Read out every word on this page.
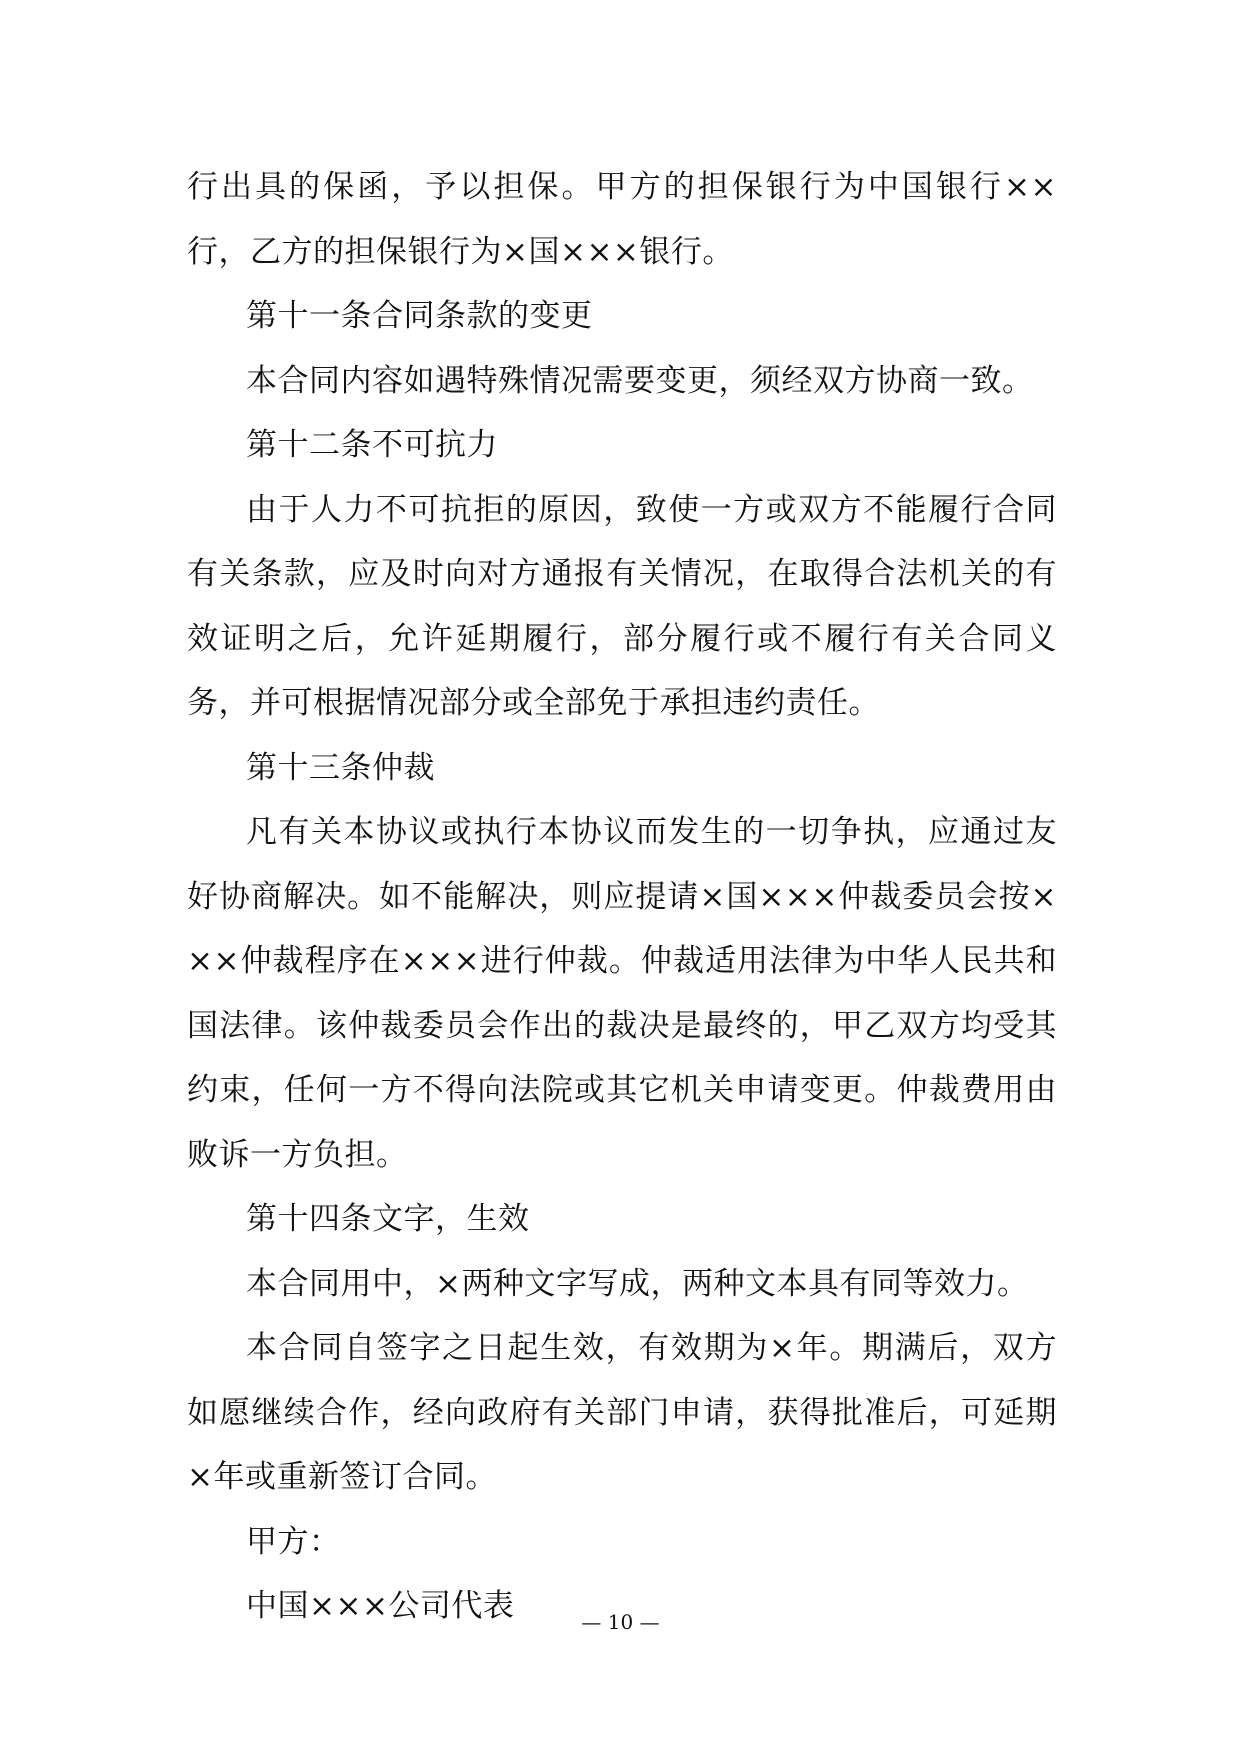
行出具的保函，予以担保。甲方的担保银行为中国银行××行，乙方的担保银行为×国×××银行。

第十一条合同条款的变更

本合同内容如遇特殊情况需要变更，须经双方协商一致。

第十二条不可抗力

由于人力不可抗拒的原因，致使一方或双方不能履行合同有关条款，应及时向对方通报有关情况，在取得合法机关的有效证明之后，允许延期履行，部分履行或不履行有关合同义务，并可根据情况部分或全部免于承担违约责任。

第十三条仲裁

凡有关本协议或执行本协议而发生的一切争执，应通过友好协商解决。如不能解决，则应提请×国×××仲裁委员会按×××仲裁程序在×××进行仲裁。仲裁适用法律为中华人民共和国法律。该仲裁委员会作出的裁决是最终的，甲乙双方均受其约束，任何一方不得向法院或其它机关申请变更。仲裁费用由败诉一方负担。

第十四条文字，生效

本合同用中，×两种文字写成，两种文本具有同等效力。

本合同自签字之日起生效，有效期为×年。期满后，双方如愿继续合作，经向政府有关部门申请，获得批准后，可延期×年或重新签订合同。

甲方：

中国×××公司代表	— 10 —
